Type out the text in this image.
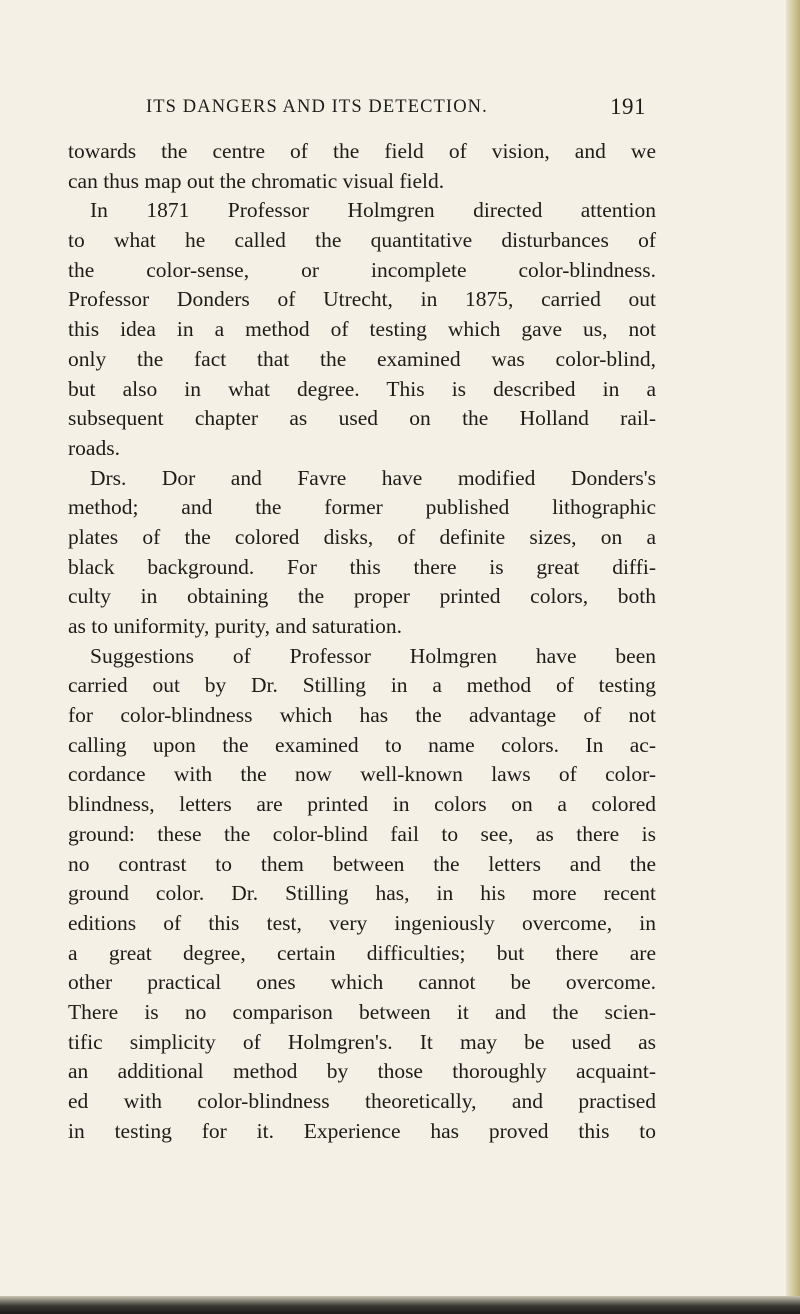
ITS DANGERS AND ITS DETECTION.	191
towards the centre of the field of vision, and we
can thus map out the chromatic visual field.
In 1871 Professor Holmgren directed attention
to what he called the quantitative disturbances of
the color-sense, or incomplete color-blindness.
Professor Donders of Utrecht, in 1875, carried out
this idea in a method of testing which gave us, not
only the fact that the examined was color-blind,
but also in what degree. This is described in a
subsequent chapter as used on the Holland rail-
roads.
Drs. Dor and Favre have modified Donders's
method; and the former published lithographic
plates of the colored disks, of definite sizes, on a
black background. For this there is great diffi-
culty in obtaining the proper printed colors, both
as to uniformity, purity, and saturation.
Suggestions of Professor Holmgren have been
carried out by Dr. Stilling in a method of testing
for color-blindness which has the advantage of not
calling upon the examined to name colors. In ac-
cordance with the now well-known laws of color-
blindness, letters are printed in colors on a colored
ground: these the color-blind fail to see, as there is
no contrast to them between the letters and the
ground color. Dr. Stilling has, in his more recent
editions of this test, very ingeniously overcome, in
a great degree, certain difficulties; but there are
other practical ones which cannot be overcome.
There is no comparison between it and the scien-
tific simplicity of Holmgren's. It may be used as
an additional method by those thoroughly acquaint-
ed with color-blindness theoretically, and practised
in testing for it. Experience has proved this to
